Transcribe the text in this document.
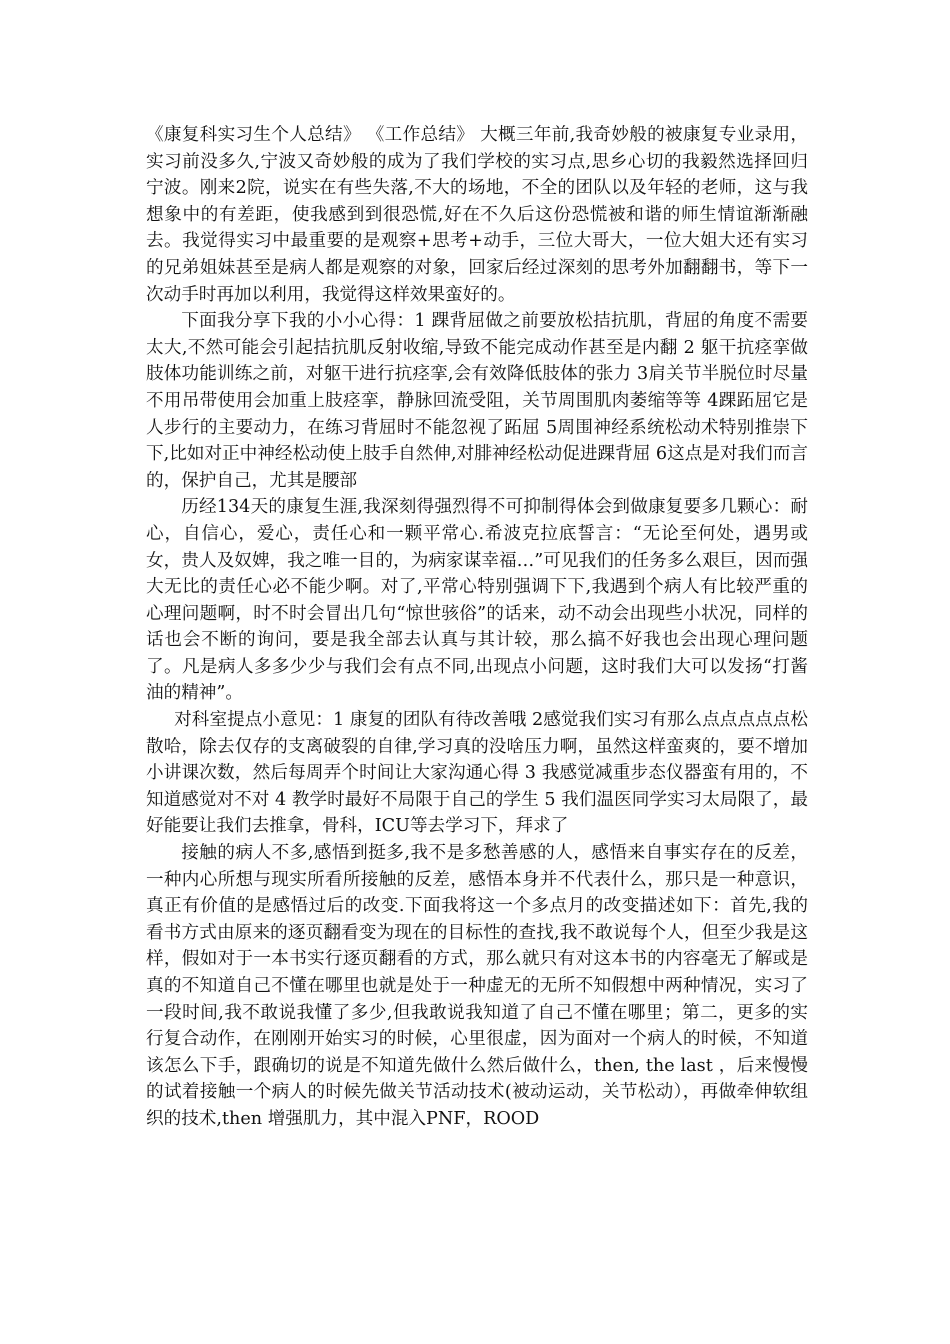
《康复科实习生个人总结》 《工作总结》 大概三年前,我奇妙般的被康复专业录用，实习前没多久,宁波又奇妙般的成为了我们学校的实习点,思乡心切的我毅然选择回归宁波。刚来2院，说实在有些失落,不大的场地，不全的团队以及年轻的老师，这与我想象中的有差距，使我感到到很恐慌,好在不久后这份恐慌被和谐的师生情谊渐渐融去。我觉得实习中最重要的是观察+思考+动手，三位大哥大，一位大姐大还有实习的兄弟姐妹甚至是病人都是观察的对象，回家后经过深刻的思考外加翻翻书，等下一次动手时再加以利用，我觉得这样效果蛮好的。

下面我分享下我的小小心得：1 踝背屈做之前要放松拮抗肌，背屈的角度不需要太大,不然可能会引起拮抗肌反射收缩,导致不能完成动作甚至是内翻 2 躯干抗痉挛做肢体功能训练之前，对躯干进行抗痉挛,会有效降低肢体的张力 3肩关节半脱位时尽量不用吊带使用会加重上肢痉挛，静脉回流受阻，关节周围肌肉萎缩等等 4踝跖屈它是人步行的主要动力，在练习背屈时不能忽视了跖屈 5周围神经系统松动术特别推崇下下,比如对正中神经松动使上肢手自然伸,对腓神经松动促进踝背屈 6这点是对我们而言的，保护自己，尤其是腰部

历经134天的康复生涯,我深刻得强烈得不可抑制得体会到做康复要多几颗心：耐心，自信心，爱心，责任心和一颗平常心.希波克拉底誓言：“无论至何处，遇男或女，贵人及奴婢，我之唯一目的，为病家谋幸福…”可见我们的任务多么艰巨，因而强大无比的责任心必不能少啊。对了,平常心特别强调下下,我遇到个病人有比较严重的心理问题啊，时不时会冒出几句“惊世骇俗”的话来，动不动会出现些小状况，同样的话也会不断的询问，要是我全部去认真与其计较，那么搞不好我也会出现心理问题了。凡是病人多多少少与我们会有点不同,出现点小问题，这时我们大可以发扬“打酱油的精神”。

对科室提点小意见：1 康复的团队有待改善哦 2感觉我们实习有那么点点点点点松散哈，除去仅存的支离破裂的自律,学习真的没啥压力啊，虽然这样蛮爽的，要不增加小讲课次数，然后每周弄个时间让大家沟通心得 3 我感觉减重步态仪器蛮有用的，不知道感觉对不对 4 教学时最好不局限于自己的学生 5 我们温医同学实习太局限了，最好能要让我们去推拿，骨科，ICU等去学习下，拜求了

接触的病人不多,感悟到挺多,我不是多愁善感的人，感悟来自事实存在的反差，一种内心所想与现实所看所接触的反差，感悟本身并不代表什么，那只是一种意识，真正有价值的是感悟过后的改变.下面我将这一个多点月的改变描述如下：首先,我的看书方式由原来的逐页翻看变为现在的目标性的查找,我不敢说每个人，但至少我是这样，假如对于一本书实行逐页翻看的方式，那么就只有对这本书的内容毫无了解或是真的不知道自己不懂在哪里也就是处于一种虚无的无所不知假想中两种情况，实习了一段时间,我不敢说我懂了多少,但我敢说我知道了自己不懂在哪里；第二，更多的实行复合动作，在刚刚开始实习的时候，心里很虚，因为面对一个病人的时候，不知道该怎么下手，跟确切的说是不知道先做什么然后做什么，then, the last ，后来慢慢的试着接触一个病人的时候先做关节活动技术(被动运动，关节松动），再做牵伸软组织的技术,then 增强肌力，其中混入PNF，ROOD
